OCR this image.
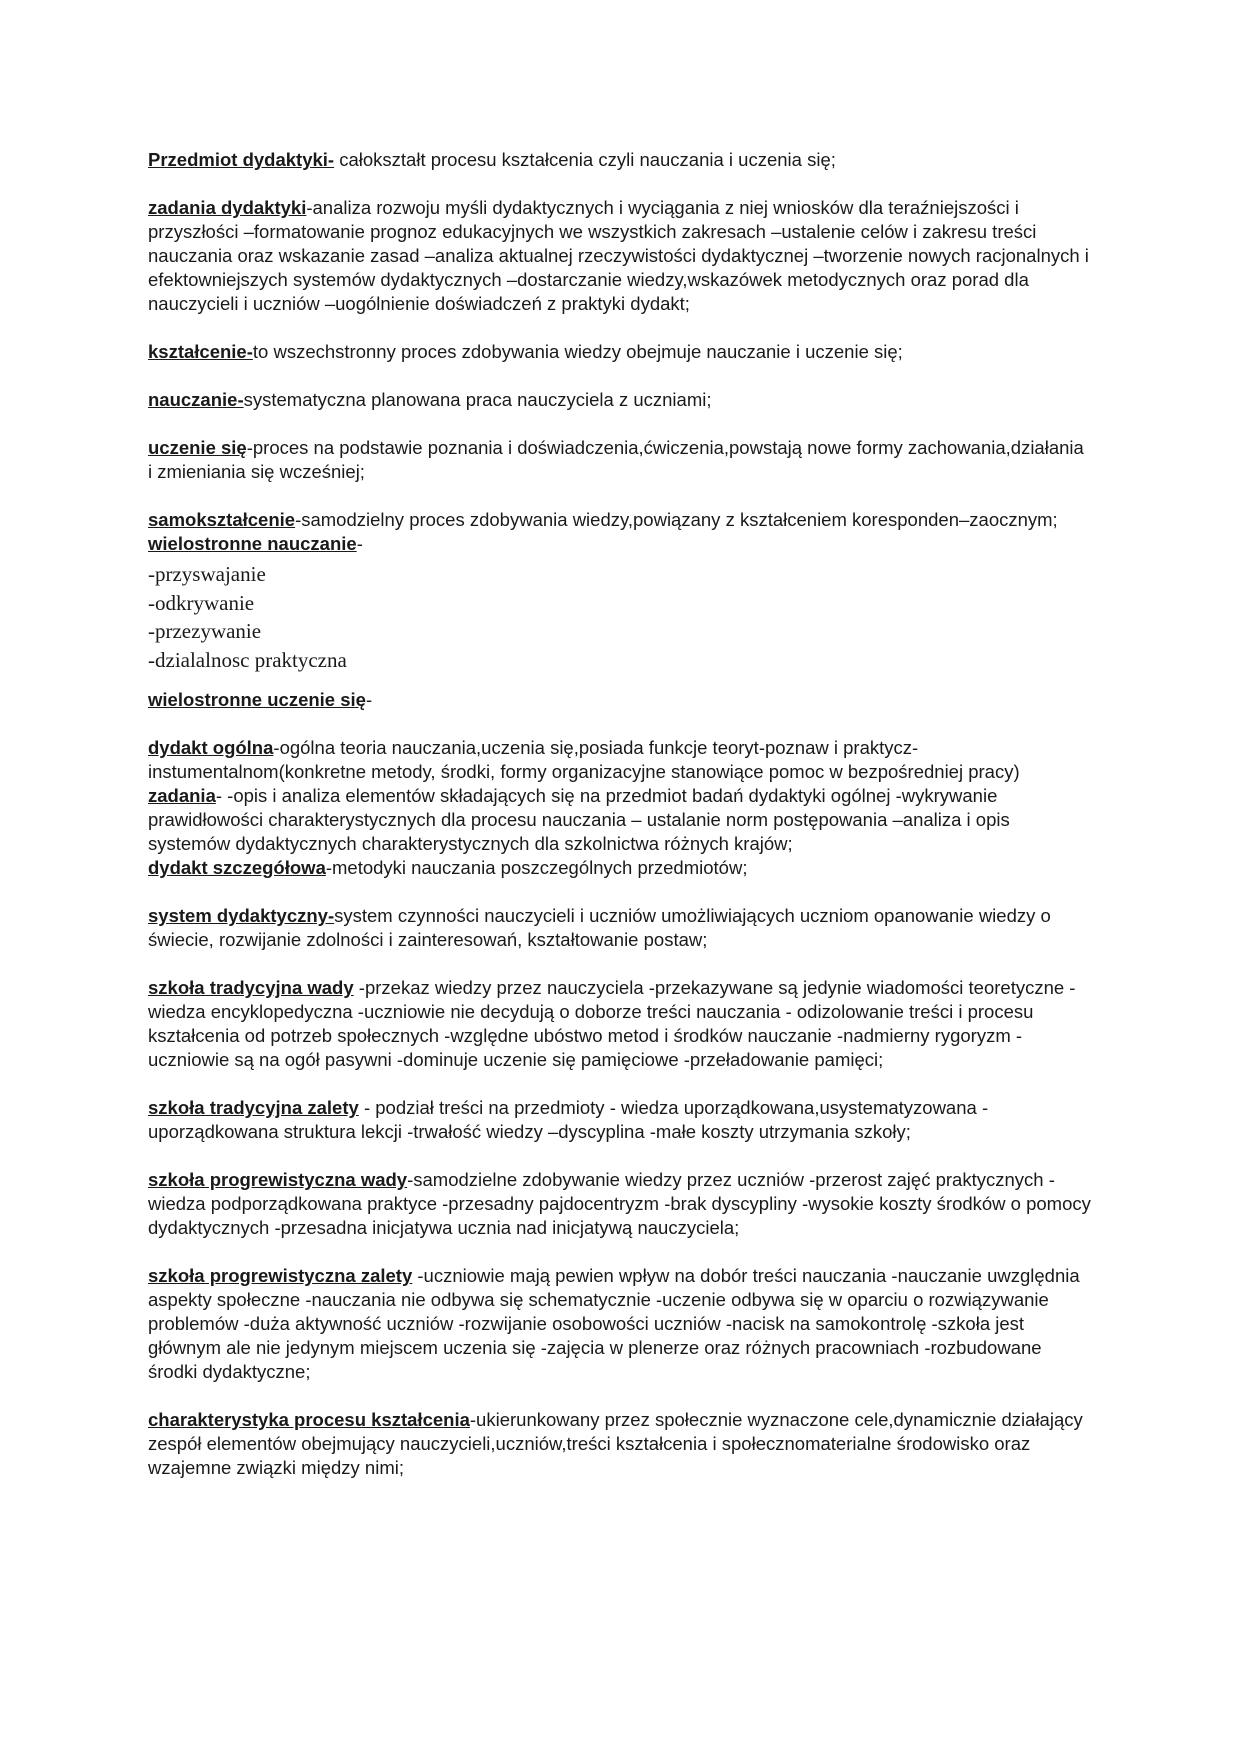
Przedmiot dydaktyki- całokształt procesu kształcenia czyli nauczania i uczenia się;

zadania dydaktyki-analiza rozwoju myśli dydaktycznych i wyciągania z niej wniosków dla teraźniejszości i przyszłości –formatowanie prognoz edukacyjnych we wszystkich zakresach –ustalenie celów i zakresu treści nauczania oraz wskazanie zasad –analiza aktualnej rzeczywistości dydaktycznej –tworzenie nowych racjonalnych i efektowniejszych systemów dydaktycznych –dostarczanie wiedzy,wskazówek metodycznych oraz porad dla nauczycieli i uczniów –uogólnienie doświadczeń z praktyki dydakt;

kształcenie-to wszechstronny proces zdobywania wiedzy obejmuje nauczanie i uczenie się;

nauczanie-systematyczna planowana praca nauczyciela z uczniami;

uczenie się-proces na podstawie poznania i doświadczenia,ćwiczenia,powstają nowe formy zachowania,działania i zmieniania się wcześniej;

samokształcenie-samodzielny proces zdobywania wiedzy,powiązany z kształceniem koresponden–zaocznym;

wielostronne nauczanie-

-przyswajanie
-odkrywanie
-przezywanie
-dzialalnosc praktyczna

wielostronne uczenie się-

dydakt ogólna-ogólna teoria nauczania,uczenia się,posiada funkcje teoryt-poznaw i praktycz-instumentalnom(konkretne metody, środki, formy organizacyjne stanowiące pomoc w bezpośredniej pracy) zadania- -opis i analiza elementów składających się na przedmiot badań dydaktyki ogólnej -wykrywanie prawidłowości charakterystycznych dla procesu nauczania – ustalanie norm postępowania –analiza i opis systemów dydaktycznych charakterystycznych dla szkolnictwa różnych krajów;

dydakt szczegółowa-metodyki nauczania poszczególnych przedmiotów;

system dydaktyczny-system czynności nauczycieli i uczniów umożliwiających uczniom opanowanie wiedzy o świecie, rozwijanie zdolności i zainteresowań, kształtowanie postaw;

szkoła tradycyjna wady -przekaz wiedzy przez nauczyciela -przekazywane są jedynie wiadomości teoretyczne -wiedza encyklopedyczna -uczniowie nie decydują o doborze treści nauczania - odizolowanie treści i procesu kształcenia od potrzeb społecznych -względne ubóstwo metod i środków nauczanie -nadmierny rygoryzm -uczniowie są na ogół pasywni -dominuje uczenie się pamięciowe -przeładowanie pamięci;

szkoła tradycyjna zalety - podział treści na przedmioty - wiedza uporządkowana,usystematyzowana -uporządkowana struktura lekcji -trwałość wiedzy –dyscyplina -małe koszty utrzymania szkoły;

szkoła progrewistyczna wady-samodzielne zdobywanie wiedzy przez uczniów -przerost zajęć praktycznych -wiedza podporządkowana praktyce -przesadny pajdocentryzm -brak dyscypliny -wysokie koszty środków o pomocy dydaktycznych -przesadna inicjatywa ucznia nad inicjatywą nauczyciela;

szkoła progrewistyczna zalety -uczniowie mają pewien wpływ na dobór treści nauczania -nauczanie uwzględnia aspekty społeczne -nauczania nie odbywa się schematycznie -uczenie odbywa się w oparciu o rozwiązywanie problemów -duża aktywność uczniów -rozwijanie osobowości uczniów -nacisk na samokontrolę -szkoła jest głównym ale nie jedynym miejscem uczenia się -zajęcia w plenerze oraz różnych pracowniach -rozbudowane środki dydaktyczne;

charakterystyka procesu kształcenia-ukierunkowany przez społecznie wyznaczone cele,dynamicznie działający zespół elementów obejmujący nauczycieli,uczniów,treści kształcenia i społecznomaterialne środowisko oraz wzajemne związki między nimi;
